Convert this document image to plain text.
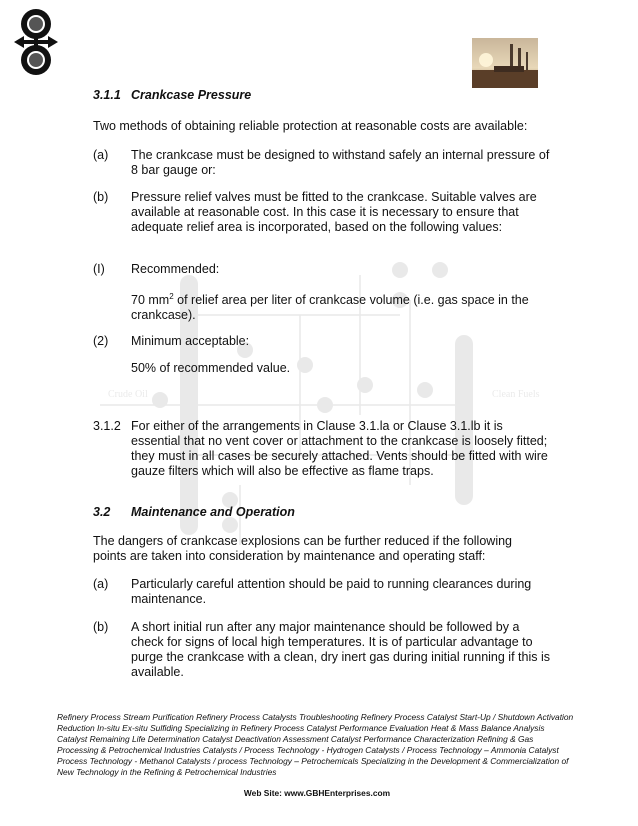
Crude Oil	Clean Fuels
3.1.1 Crankcase Pressure
Two methods of obtaining reliable protection at reasonable costs are available:
(a) The crankcase must be designed to withstand safely an internal pressure of 8 bar gauge or:
(b) Pressure relief valves must be fitted to the crankcase. Suitable valves are available at reasonable cost. In this case it is necessary to ensure that adequate relief area is incorporated, based on the following values:
(I) Recommended:
70 $mm^2$ of relief area per liter of crankcase volume (i.e. gas space in the crankcase).
(2) Minimum acceptable:
50% of recommended value.
3.1.2 For either of the arrangements in Clause 3.1.la or Clause 3.1.lb it is essential that no vent cover or attachment to the crankcase is loosely fitted; they must in all cases be securely attached. Vents should be fitted with wire gauze filters which will also be effective as flame traps.
3.2 Maintenance and Operation
The dangers of crankcase explosions can be further reduced if the following points are taken into consideration by maintenance and operating staff:
(a) Particularly careful attention should be paid to running clearances during maintenance.
(b) A short initial run after any major maintenance should be followed by a check for signs of local high temperatures. It is of particular advantage to purge the crankcase with a clean, dry inert gas during initial running if this is available.
Refinery Process Stream Purification Refinery Process Catalysts Troubleshooting Refinery Process Catalyst Start-Up / Shutdown Activation Reduction In-situ Ex-situ Sulfiding Specializing in Refinery Process Catalyst Performance Evaluation Heat & Mass Balance Analysis Catalyst Remaining Life Determination Catalyst Deactivation Assessment Catalyst Performance Characterization Refining & Gas Processing & Petrochemical Industries Catalysts / Process Technology - Hydrogen Catalysts / Process Technology – Ammonia Catalyst Process Technology - Methanol Catalysts / process Technology – Petrochemicals Specializing in the Development & Commercialization of New Technology in the Refining & Petrochemical Industries
Web Site: www.GBHEnterprises.com
